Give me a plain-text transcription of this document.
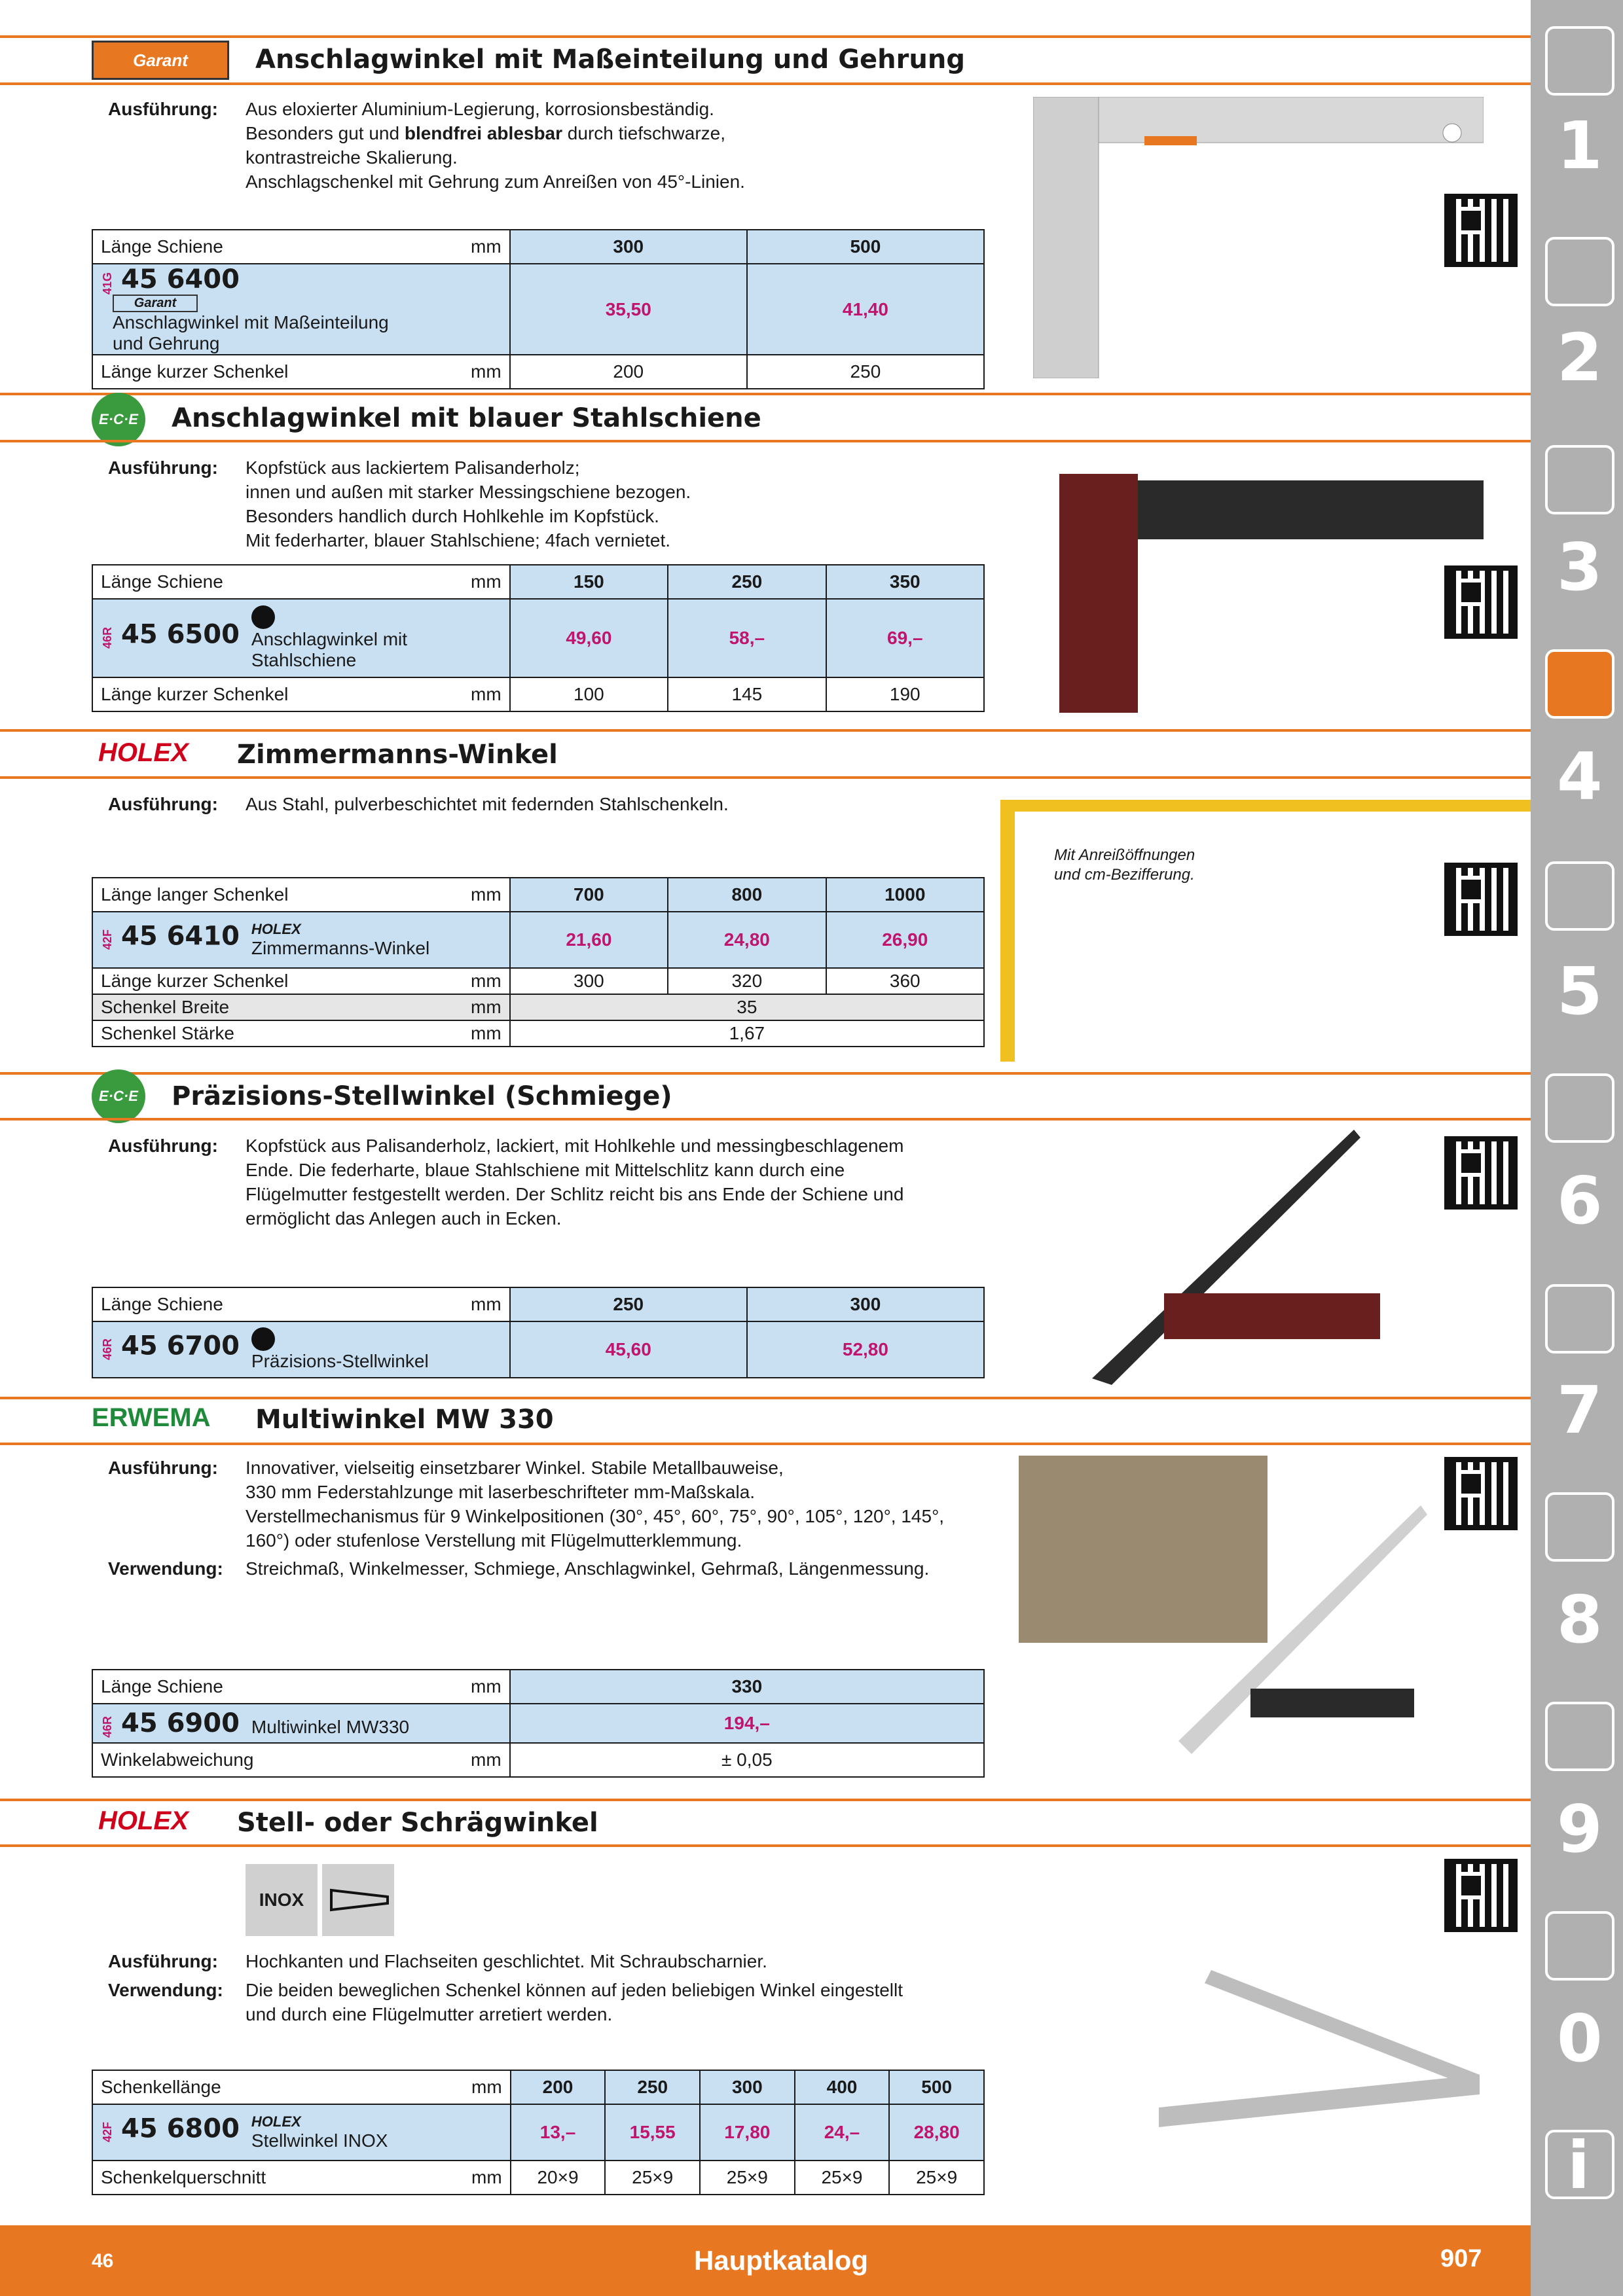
Garant	Anschlagwinkel mit Maßeinteilung und Gehrung
Ausführung:	Aus eloxierter Aluminium-Legierung, korrosionsbeständig.
Besonders gut und blendfrei ablesbar durch tiefschwarze,
kontrastreiche Skalierung.
Anschlagschenkel mit Gehrung zum Anreißen von 45°-Linien.
Länge Schiene	mm	300	500
41G 45 6400
Garant
Anschlagwinkel mit Maßeinteilung und Gehrung		35,50	41,40
Länge kurzer Schenkel	mm	200	250
E·C·E Anschlagwinkel mit blauer Stahlschiene
Ausführung:	Kopfstück aus lackiertem Palisanderholz;
innen und außen mit starker Messingschiene bezogen.
Besonders handlich durch Hohlkehle im Kopfstück.
Mit federharter, blauer Stahlschiene; 4fach vernietet.
Länge Schiene	mm	150	250	350
46R 45 6500 Anschlagwinkel mit Stahlschiene		49,60	58,–	69,–
Länge kurzer Schenkel	mm	100	145	190
HOLEX Zimmermanns-Winkel
Ausführung:	Aus Stahl, pulverbeschichtet mit federnden Stahlschenkeln.
Mit Anreißöffnungen
und cm-Bezifferung.
Länge langer Schenkel	mm	700	800	1000
42F 45 6410 HOLEX
Zimmermanns-Winkel		21,60	24,80	26,90
Länge kurzer Schenkel	mm	300	320	360
Schenkel Breite	mm	35		
Schenkel Stärke	mm	1,67		
E·C·E Präzisions-Stellwinkel (Schmiege)
Ausführung:	Kopfstück aus Palisanderholz, lackiert, mit Hohlkehle und messingbeschlagenem
Ende. Die federharte, blaue Stahlschiene mit Mittelschlitz kann durch eine
Flügelmutter festgestellt werden. Der Schlitz reicht bis ans Ende der Schiene und
ermöglicht das Anlegen auch in Ecken.
Länge Schiene	mm	250	300
46R 45 6700
Präzisions-Stellwinkel		45,60	52,80
ERWEMA Multiwinkel MW 330
Ausführung:	Innovativer, vielseitig einsetzbarer Winkel. Stabile Metallbauweise,
330 mm Federstahlzunge mit laserbeschrifteter mm-Maßskala.
Verstellmechanismus für 9 Winkelpositionen (30°, 45°, 60°, 75°, 90°, 105°, 120°, 145°,
160°) oder stufenlose Verstellung mit Flügelmutterklemmung.
Verwendung:	Streichmaß, Winkelmesser, Schmiege, Anschlagwinkel, Gehrmaß, Längenmessung.
Länge Schiene	mm	330
46R 45 6900 Multiwinkel MW330		194,–
Winkelabweichung	mm	± 0,05
HOLEX Stell- oder Schrägwinkel
INOX
Ausführung:	Hochkanten und Flachseiten geschlichtet. Mit Schraubscharnier.
Verwendung:	Die beiden beweglichen Schenkel können auf jeden beliebigen Winkel eingestellt
und durch eine Flügelmutter arretiert werden.
Schenkellänge	mm	200	250	300	400	500
42F 45 6800 HOLEX
Stellwinkel INOX		13,–	15,55	17,80	24,–	28,80
Schenkelquerschnitt	mm	20×9	25×9	25×9	25×9	25×9
1
2
3
4
5
6
7
8
9
0
i
46	Hauptkatalog	907
